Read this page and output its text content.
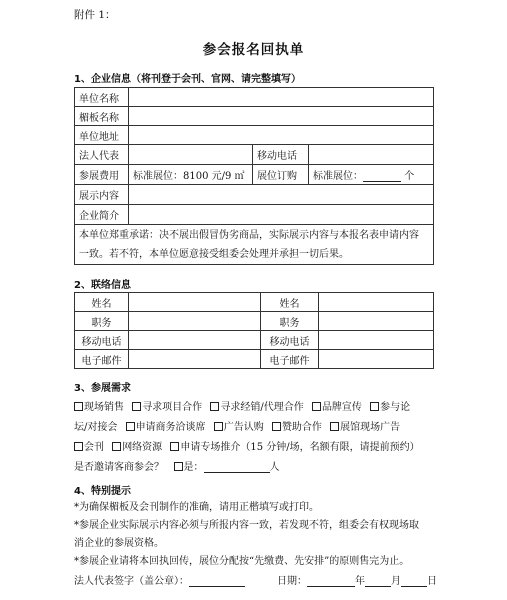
附件 1：
参会报名回执单
1、企业信息（将刊登于会刊、官网、请完整填写）
单位名称			
楣板名称			
单位地址			
法人代表		移动电话	
参展费用	标准展位：8100 元/9 ㎡	展位订购	标准展位： 个
展示内容			
企业简介			

本单位郑重承诺：决不展出假冒伪劣商品，实际展示内容与本报名表申请内容
一致。若不符，本单位愿意接受组委会处理并承担一切后果。			
2、联络信息
姓名		姓名	
职务		职务	
移动电话		移动电话	
电子邮件		电子邮件	
3、参展需求
现场销售 寻求项目合作 寻求经销/代理合作 品牌宣传 参与论
坛/对接会 申请商务洽谈席 广告认购 赞助合作 展馆现场广告
会刊 网络资源 申请专场推介（15 分钟/场，名额有限，请提前预约）
是否邀请客商参会？ 是：	人
4、特别提示
*为确保楣板及会刊制作的准确，请用正楷填写或打印。
*参展企业实际展示内容必须与所报内容一致，若发现不符，组委会有权现场取
消企业的参展资格。
*参展企业请将本回执回传，展位分配按“先缴费、先安排”的原则售完为止。
法人代表签字（盖公章）：	日期：	年	月	日
